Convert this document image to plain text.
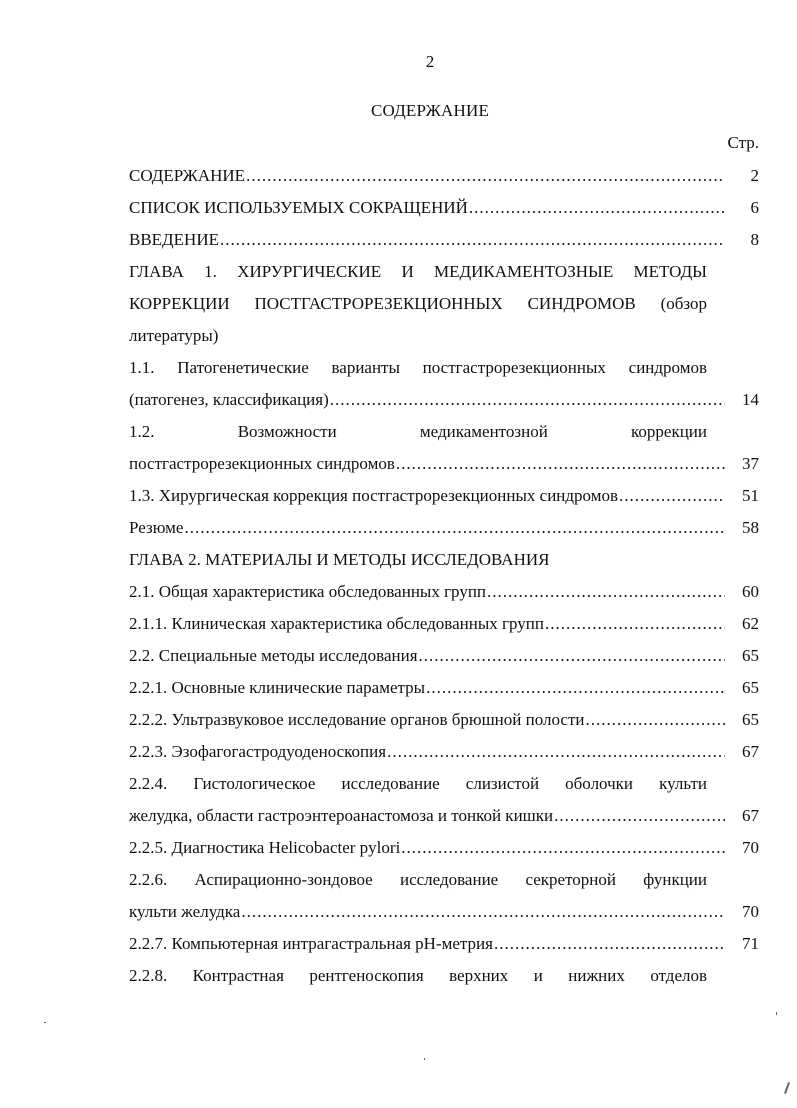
2
СОДЕРЖАНИЕ
Стр.
СОДЕРЖАНИЕ .....	2
СПИСОК ИСПОЛЬЗУЕМЫХ СОКРАЩЕНИЙ .....	6
ВВЕДЕНИЕ .....	8
ГЛАВА 1. ХИРУРГИЧЕСКИЕ И МЕДИКАМЕНТОЗНЫЕ МЕТОДЫ
КОРРЕКЦИИ ПОСТГАСТРОРЕЗЕКЦИОННЫХ СИНДРОМОВ (обзор
литературы)
1.1. Патогенетические варианты постгастрорезекционных синдромов
(патогенез, классификация) .....	14
1.2. Возможности медикаментозной коррекции
постгастрорезекционных синдромов .....	37
1.3. Хирургическая коррекция постгастрорезекционных синдромов .....	51
Резюме .....	58
ГЛАВА 2. МАТЕРИАЛЫ И МЕТОДЫ ИССЛЕДОВАНИЯ
2.1. Общая характеристика обследованных групп .....	60
2.1.1. Клиническая характеристика обследованных групп .....	62
2.2. Специальные методы исследования .....	65
2.2.1. Основные клинические параметры .....	65
2.2.2. Ультразвуковое исследование органов брюшной полости .....	65
2.2.3. Эзофагогастродуоденоскопия .....	67
2.2.4. Гистологическое исследование слизистой оболочки культи
желудка, области гастроэнтероанастомоза и тонкой кишки .....	67
2.2.5. Диагностика Helicobacter pylori .....	70
2.2.6. Аспирационно-зондовое исследование секреторной функции
культи желудка .....	70
2.2.7. Компьютерная интрагастральная pH-метрия .....	71
2.2.8. Контрастная рентгеноскопия верхних и нижних отделов
